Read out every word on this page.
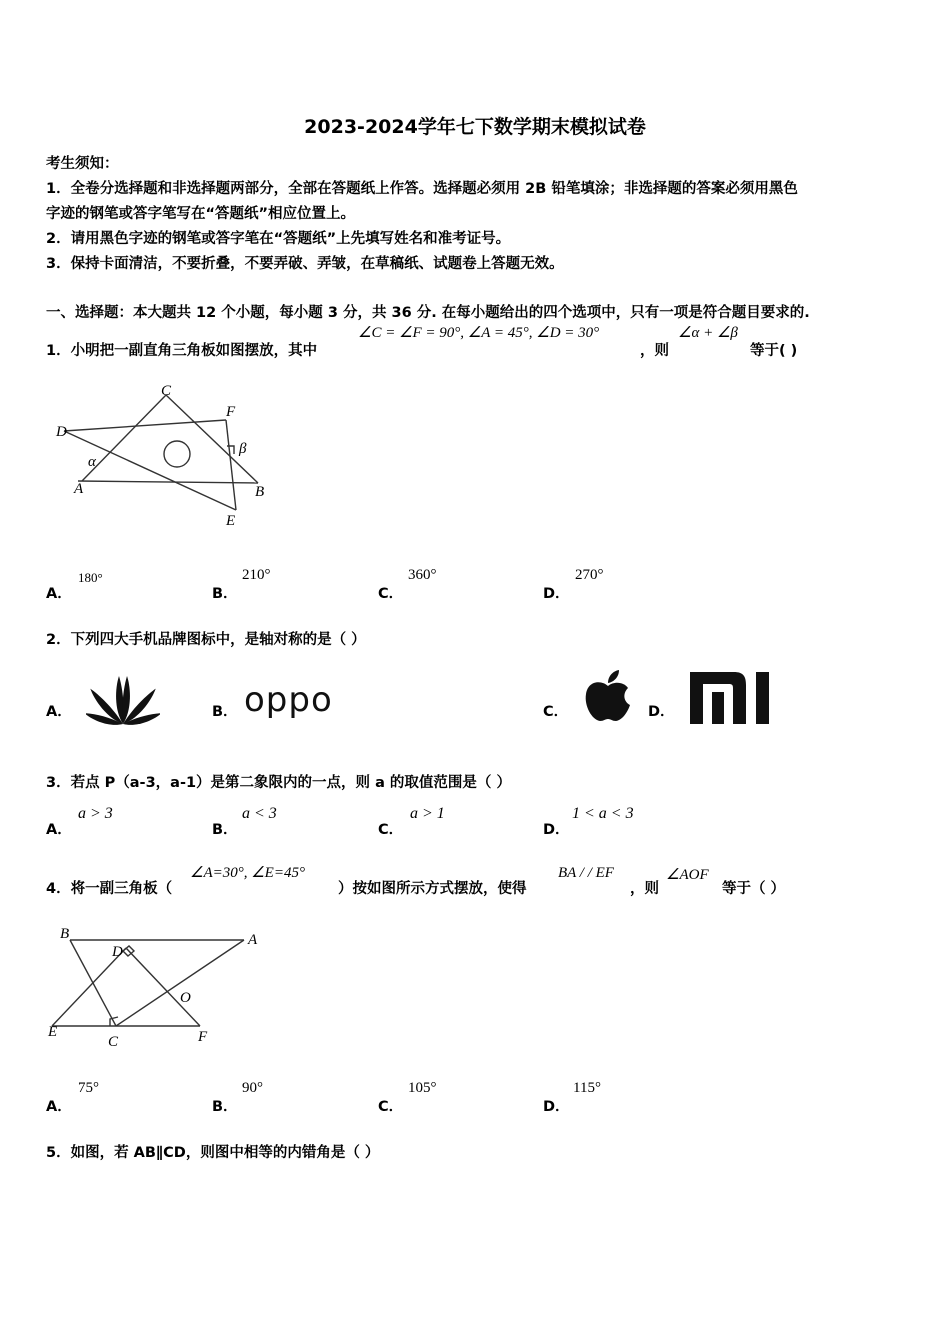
2023-2024学年七下数学期末模拟试卷
考生须知：
1．全卷分选择题和非选择题两部分，全部在答题纸上作答。选择题必须用 2B 铅笔填涂；非选择题的答案必须用黑色
字迹的钢笔或答字笔写在“答题纸”相应位置上。
2．请用黑色字迹的钢笔或答字笔在“答题纸”上先填写姓名和准考证号。
3．保持卡面清洁，不要折叠，不要弄破、弄皱，在草稿纸、试题卷上答题无效。
一、选择题：本大题共 12 个小题，每小题 3 分，共 36 分. 在每小题给出的四个选项中，只有一项是符合题目要求的.
1．小明把一副直角三角板如图摆放，其中
∠C = ∠F = 90°, ∠A = 45°, ∠D = 30°
，则
∠α + ∠β
等于( )
C
F
D
α
β
A	B
E
A．
180°
B．
210°
C．
360°
D．
270°
2．下列四大手机品牌图标中，是轴对称的是（ ）
A．	B． oppo	C．	D．
3．若点 P（a-3，a-1）是第二象限内的一点，则 a 的取值范围是（ ）
A．
a > 3
B．
a < 3
C．
a > 1
D．
1 < a < 3
4．将一副三角板（
∠A=30°, ∠E=45°
）按如图所示方式摆放，使得
BA / / EF
，则
∠AOF
等于（ ）
B	A
D
O
E
C	F
A．
75°
B．
90°
C．
105°
D．
115°
5．如图，若 AB∥CD，则图中相等的内错角是（ ）
